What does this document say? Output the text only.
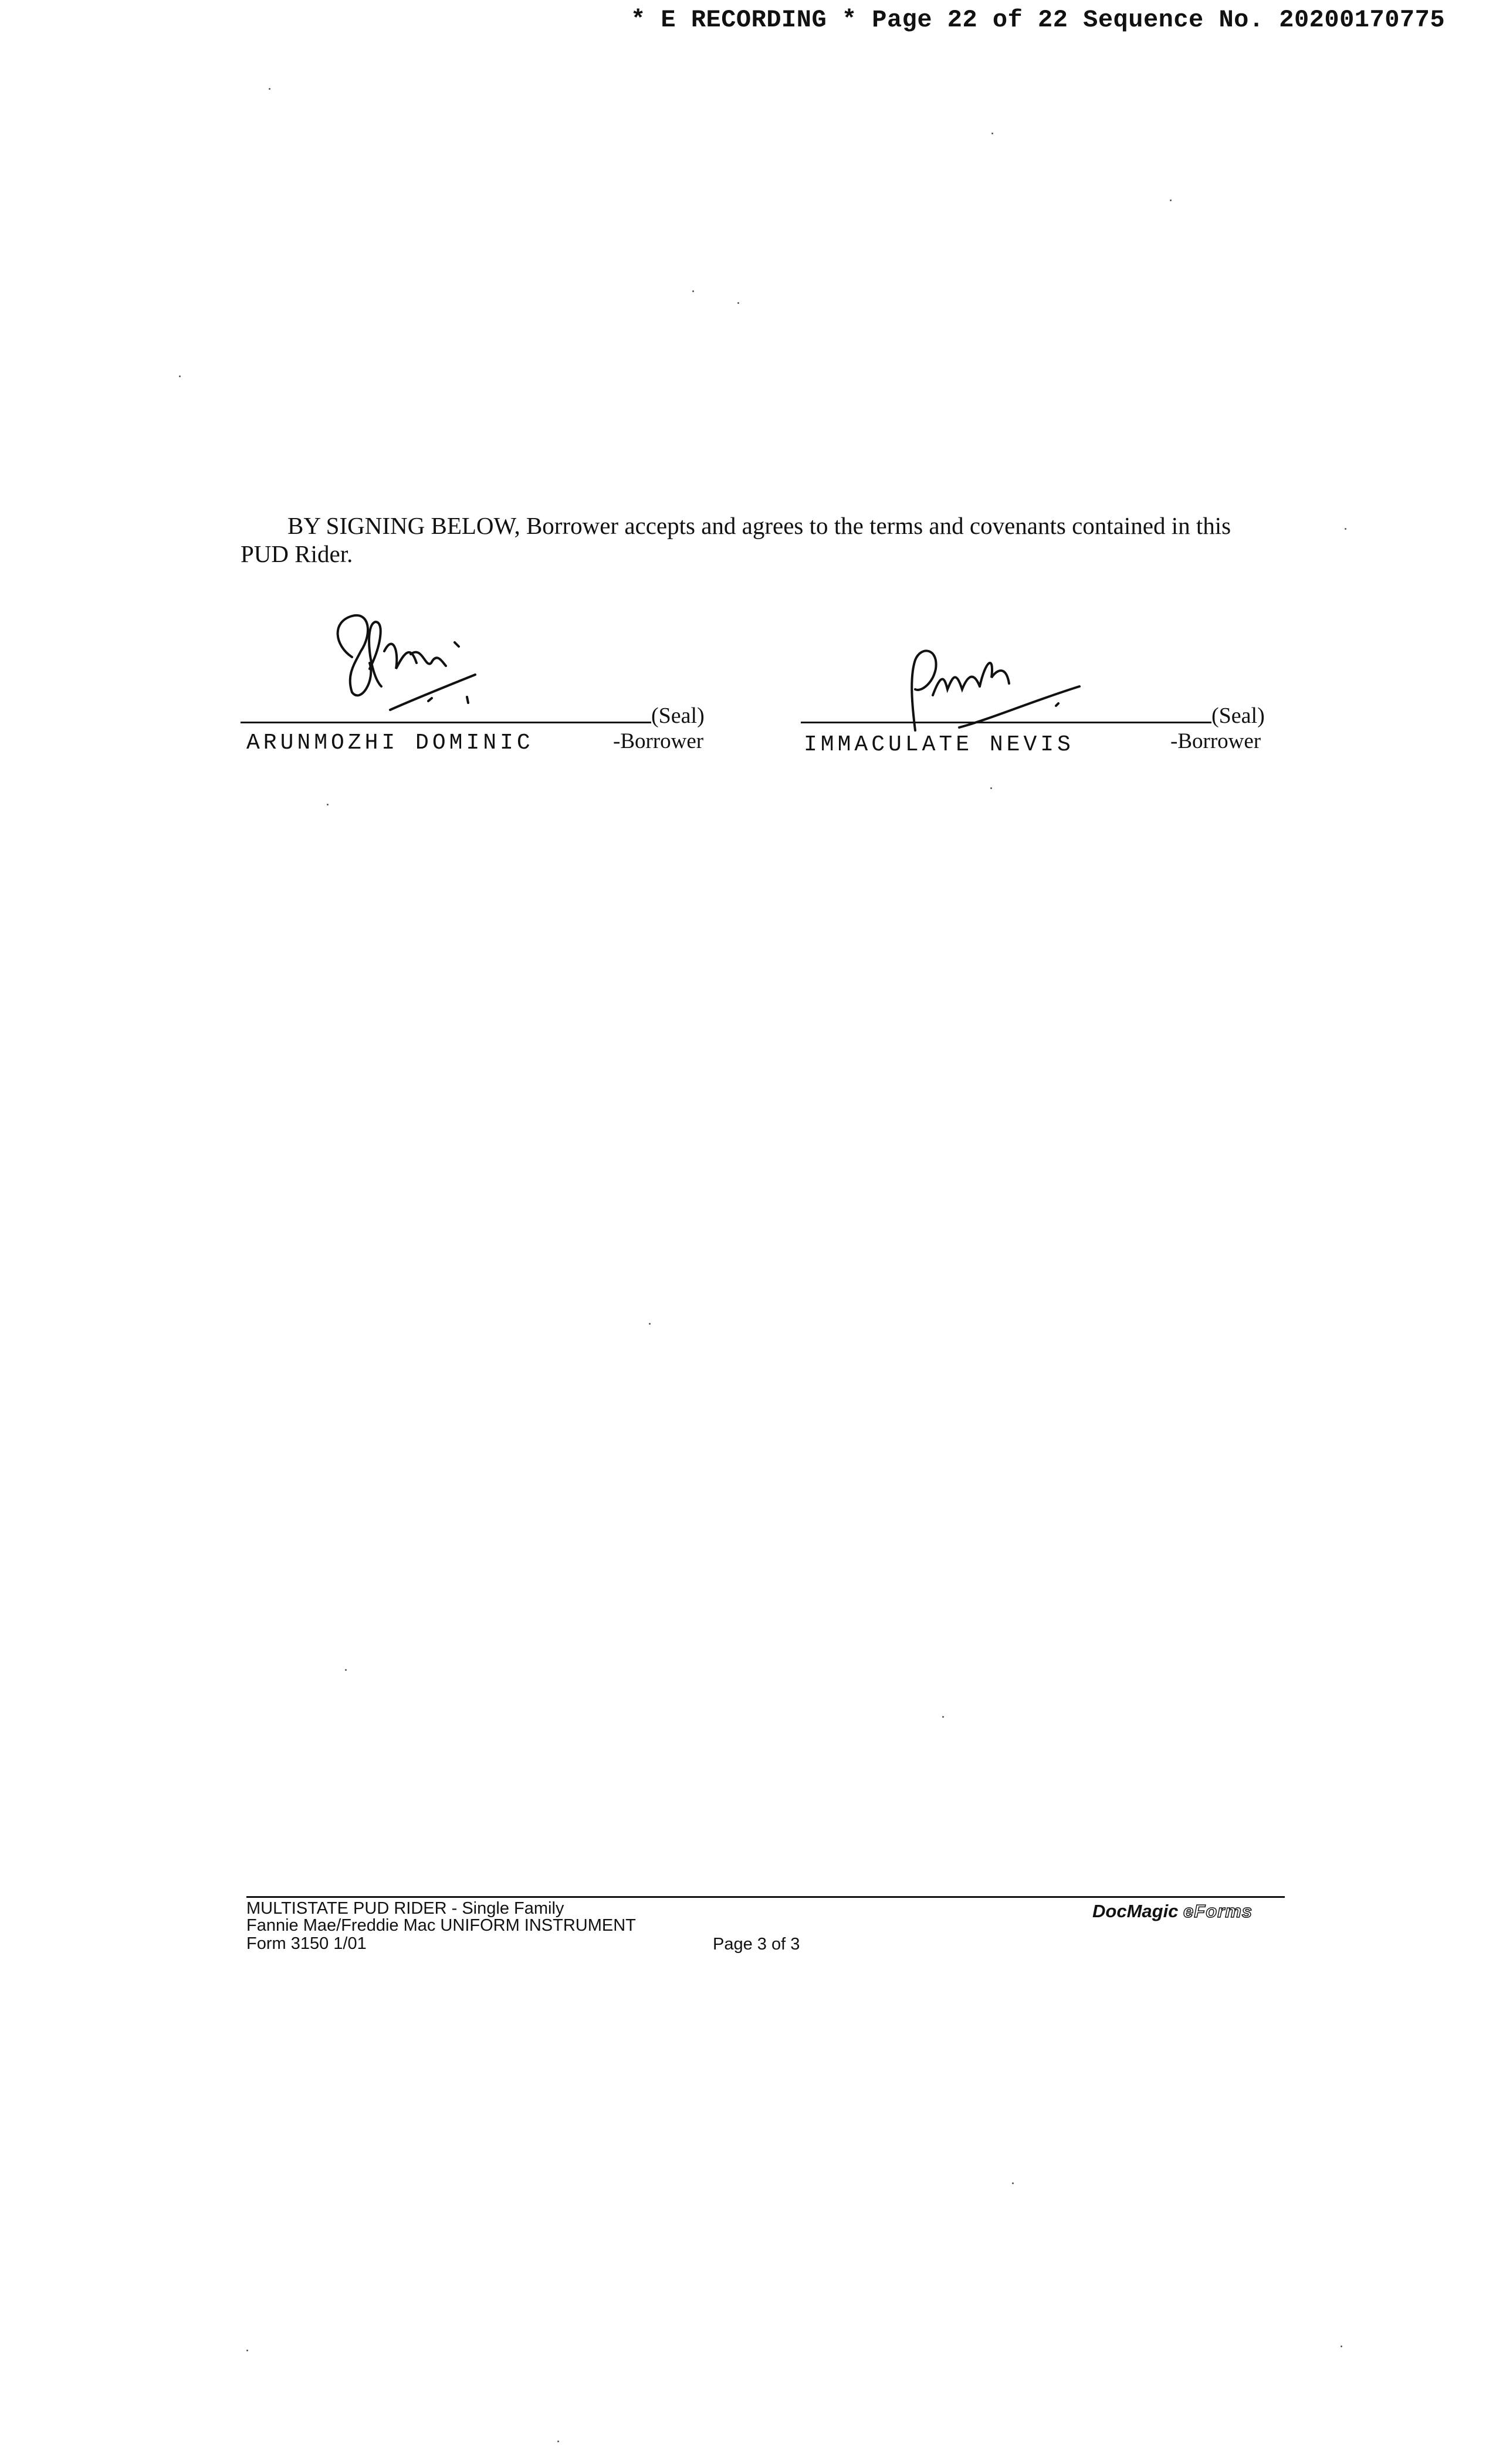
* E RECORDING * Page 22 of 22 Sequence No. 20200170775
BY SIGNING BELOW, Borrower accepts and agrees to the terms and covenants contained in this PUD Rider.
(Seal)
ARUNMOZHI DOMINIC	-Borrower
(Seal)
IMMACULATE NEVIS	-Borrower
MULTISTATE PUD RIDER - Single Family
Fannie Mae/Freddie Mac UNIFORM INSTRUMENT
Form 3150 1/01	Page 3 of 3
DocMagic eForms
